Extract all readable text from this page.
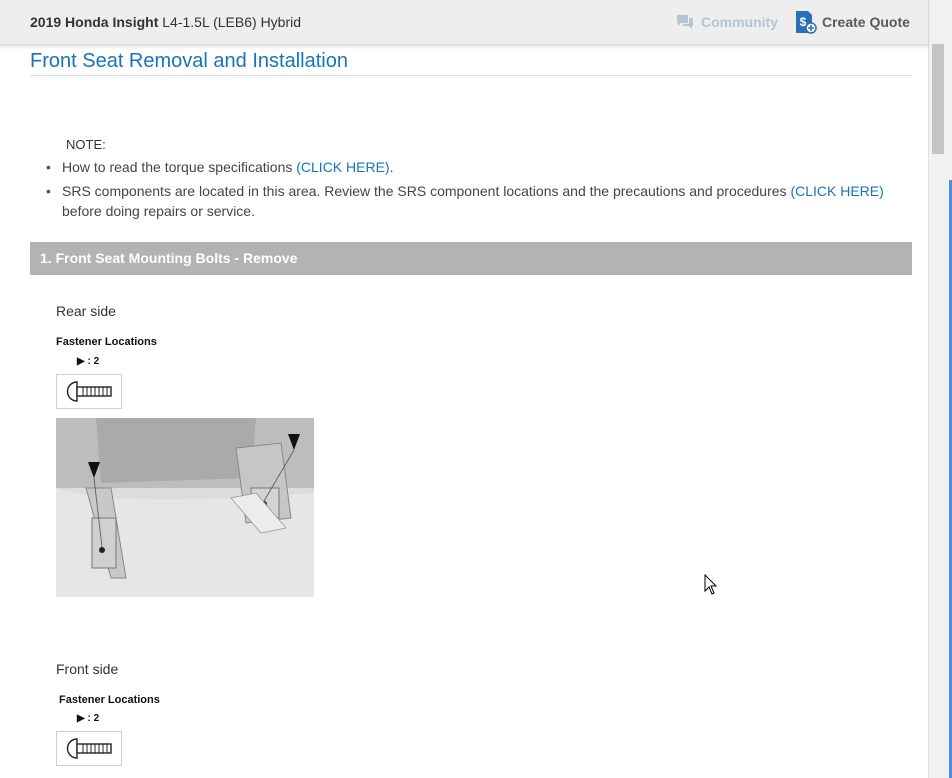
2019 Honda Insight L4-1.5L (LEB6) Hybrid	Community $ Create Quote
Front Seat Removal and Installation
NOTE:
• How to read the torque specifications (CLICK HERE).
• SRS components are located in this area. Review the SRS component locations and the precautions and procedures (CLICK HERE) before doing repairs or service.
1. Front Seat Mounting Bolts - Remove
Rear side
Fastener Locations
▶ : 2
Front side
Fastener Locations
▶ : 2
